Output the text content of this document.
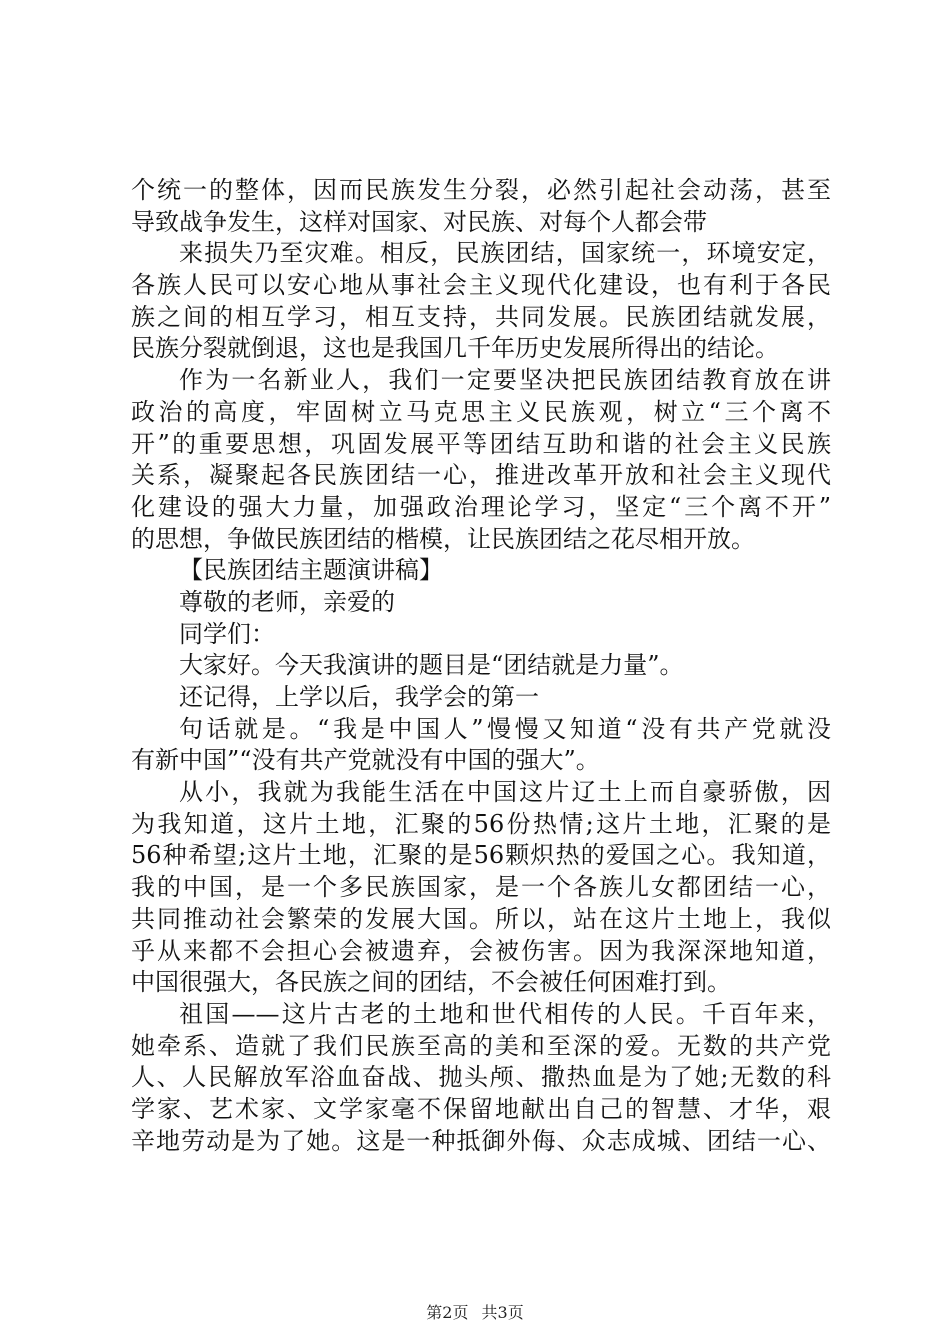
个统一的整体，因而民族发生分裂，必然引起社会动荡，甚至
导致战争发生，这样对国家、对民族、对每个人都会带
来损失乃至灾难。相反，民族团结，国家统一，环境安定，
各族人民可以安心地从事社会主义现代化建设，也有利于各民
族之间的相互学习，相互支持，共同发展。民族团结就发展，
民族分裂就倒退，这也是我国几千年历史发展所得出的结论。
作为一名新业人，我们一定要坚决把民族团结教育放在讲
政治的高度，牢固树立马克思主义民族观，树立“三个离不
开”的重要思想，巩固发展平等团结互助和谐的社会主义民族
关系，凝聚起各民族团结一心，推进改革开放和社会主义现代
化建设的强大力量，加强政治理论学习，坚定“三个离不开”
的思想，争做民族团结的楷模，让民族团结之花尽相开放。
【民族团结主题演讲稿】
尊敬的老师，亲爱的
同学们：
大家好。今天我演讲的题目是“团结就是力量”。
还记得，上学以后，我学会的第一
句话就是。“我是中国人”慢慢又知道“没有共产党就没
有新中国”“没有共产党就没有中国的强大”。
从小，我就为我能生活在中国这片辽土上而自豪骄傲，因
为我知道，这片土地，汇聚的56份热情;这片土地，汇聚的是
56种希望;这片土地，汇聚的是56颗炽热的爱国之心。我知道，
我的中国，是一个多民族国家，是一个各族儿女都团结一心，
共同推动社会繁荣的发展大国。所以，站在这片土地上，我似
乎从来都不会担心会被遗弃，会被伤害。因为我深深地知道，
中国很强大，各民族之间的团结，不会被任何困难打到。
祖国——这片古老的土地和世代相传的人民。千百年来，
她牵系、造就了我们民族至高的美和至深的爱。无数的共产党
人、人民解放军浴血奋战、抛头颅、撒热血是为了她;无数的科
学家、艺术家、文学家毫不保留地献出自己的智慧、才华，艰
辛地劳动是为了她。这是一种抵御外侮、众志成城、团结一心、
第2页 共3页
